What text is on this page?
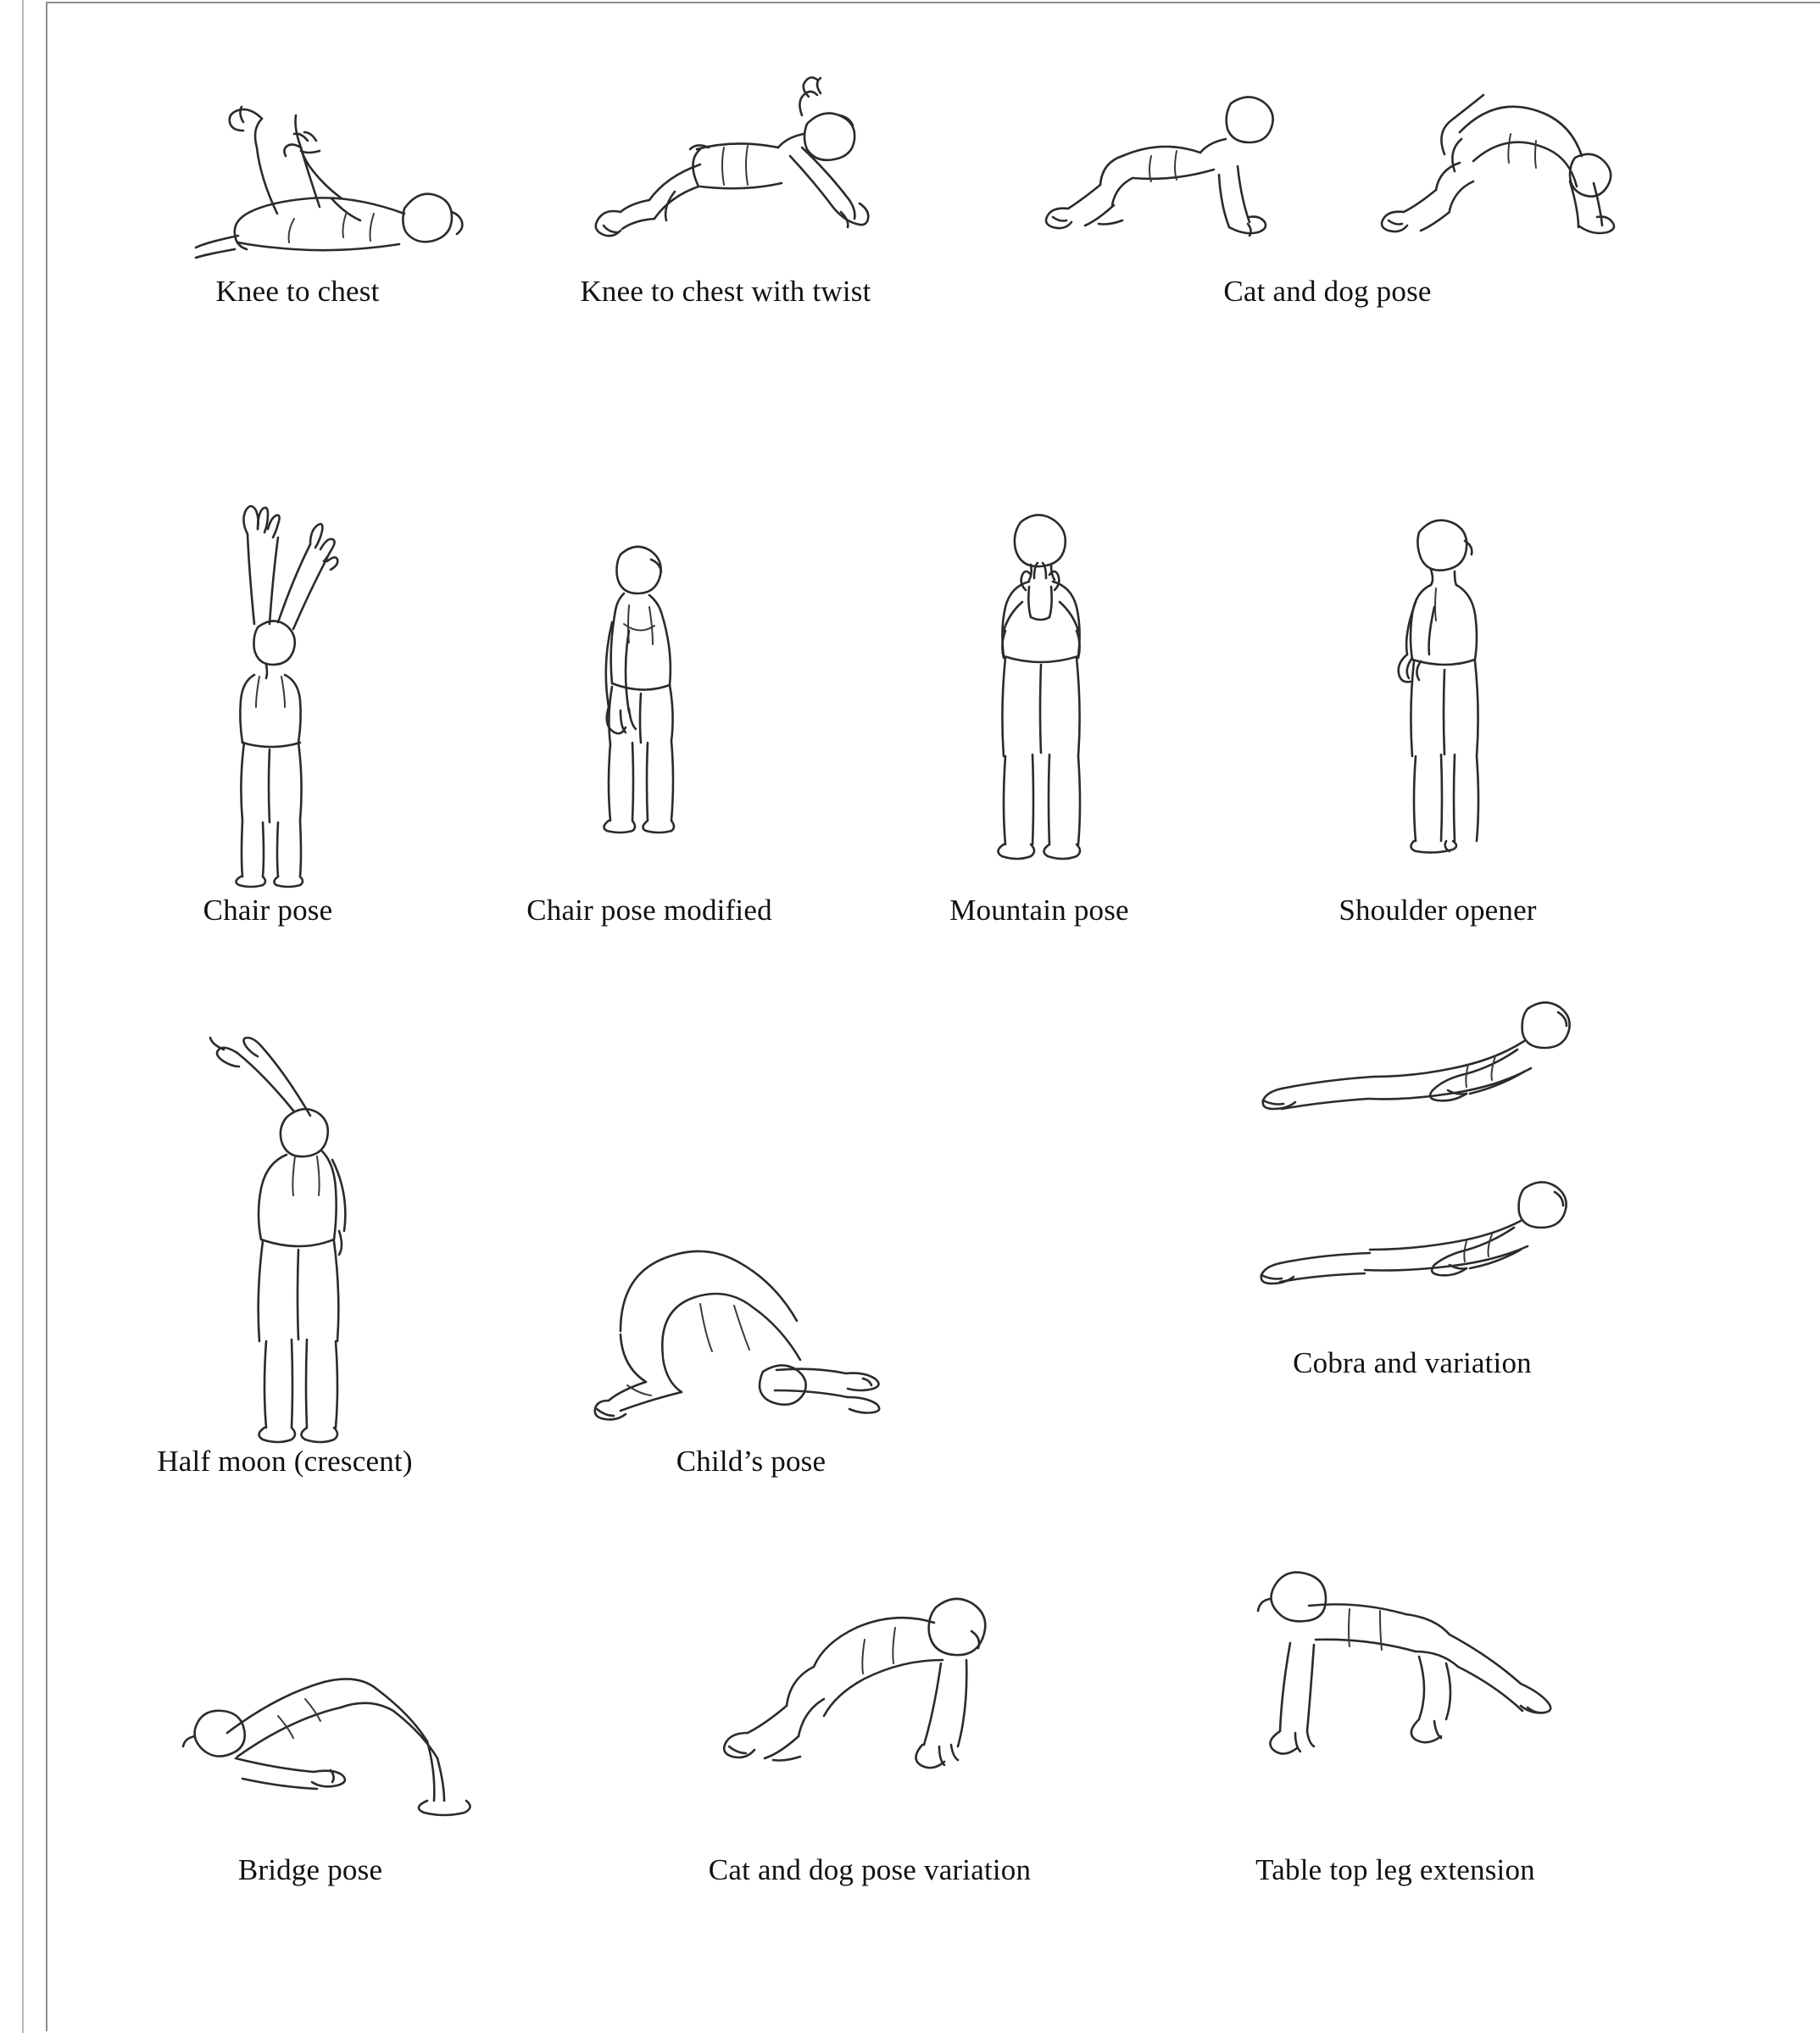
Knee to chest	Knee to chest with twist	Cat and dog pose
Chair pose	Chair pose modified	Mountain pose	Shoulder opener
Half moon (crescent)	Child’s pose
Cobra and variation
Bridge pose	Cat and dog pose variation	Table top leg extension
